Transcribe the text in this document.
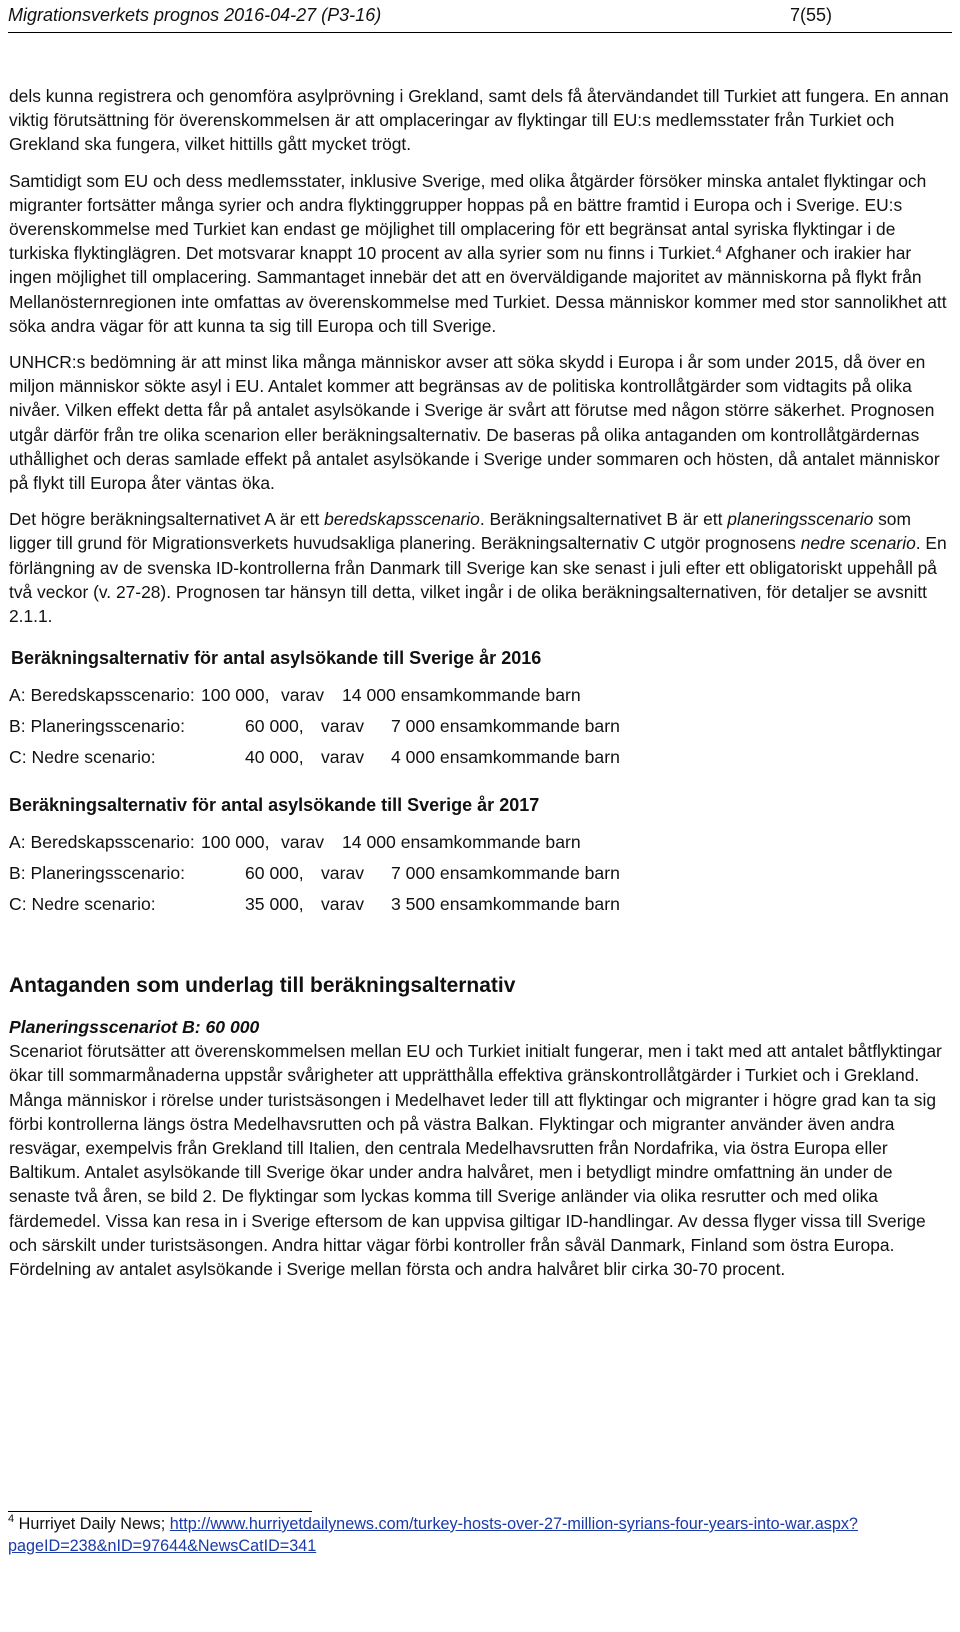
Migrationsverkets prognos 2016-04-27 (P3-16)	7(55)

dels kunna registrera och genomföra asylprövning i Grekland, samt dels få återvändandet till Turkiet att fungera. En annan viktig förutsättning för överenskommelsen är att omplaceringar av flyktingar till EU:s medlemsstater från Turkiet och Grekland ska fungera, vilket hittills gått mycket trögt.

Samtidigt som EU och dess medlemsstater, inklusive Sverige, med olika åtgärder försöker minska antalet flyktingar och migranter fortsätter många syrier och andra flyktinggrupper hoppas på en bättre framtid i Europa och i Sverige. EU:s överenskommelse med Turkiet kan endast ge möjlighet till omplacering för ett begränsat antal syriska flyktingar i de turkiska flyktinglägren. Det motsvarar knappt 10 procent av alla syrier som nu finns i Turkiet.$^4$ Afghaner och irakier har ingen möjlighet till omplacering. Sammantaget innebär det att en överväldigande majoritet av människorna på flykt från Mellanösternregionen inte omfattas av överenskommelse med Turkiet. Dessa människor kommer med stor sannolikhet att söka andra vägar för att kunna ta sig till Europa och till Sverige.

UNHCR:s bedömning är att minst lika många människor avser att söka skydd i Europa i år som under 2015, då över en miljon människor sökte asyl i EU. Antalet kommer att begränsas av de politiska kontrollåtgärder som vidtagits på olika nivåer. Vilken effekt detta får på antalet asylsökande i Sverige är svårt att förutse med någon större säkerhet. Prognosen utgår därför från tre olika scenarion eller beräkningsalternativ. De baseras på olika antaganden om kontrollåtgärdernas uthållighet och deras samlade effekt på antalet asylsökande i Sverige under sommaren och hösten, då antalet människor på flykt till Europa åter väntas öka.

Det högre beräkningsalternativet A är ett beredskapsscenario. Beräkningsalternativet B är ett planeringsscenario som ligger till grund för Migrationsverkets huvudsakliga planering. Beräkningsalternativ C utgör prognosens nedre scenario. En förlängning av de svenska ID-kontrollerna från Danmark till Sverige kan ske senast i juli efter ett obligatoriskt uppehåll på två veckor (v. 27-28). Prognosen tar hänsyn till detta, vilket ingår i de olika beräkningsalternativen, för detaljer se avsnitt 2.1.1.

Beräkningsalternativ för antal asylsökande till Sverige år 2016
A: Beredskapsscenario: 100 000, varav 14 000 ensamkommande barn
B: Planeringsscenario:	60 000, varav 7 000 ensamkommande barn
C: Nedre scenario:	40 000, varav 4 000 ensamkommande barn
Beräkningsalternativ för antal asylsökande till Sverige år 2017
A: Beredskapsscenario: 100 000, varav 14 000 ensamkommande barn
B: Planeringsscenario:	60 000, varav 7 000 ensamkommande barn
C: Nedre scenario:	35 000, varav 3 500 ensamkommande barn
Antaganden som underlag till beräkningsalternativ
Planeringsscenariot B: 60 000

Scenariot förutsätter att överenskommelsen mellan EU och Turkiet initialt fungerar, men i takt med att antalet båtflyktingar ökar till sommarmånaderna uppstår svårigheter att upprätthålla effektiva gränskontrollåtgärder i Turkiet och i Grekland. Många människor i rörelse under turistsäsongen i Medelhavet leder till att flyktingar och migranter i högre grad kan ta sig förbi kontrollerna längs östra Medelhavsrutten och på västra Balkan. Flyktingar och migranter använder även andra resvägar, exempelvis från Grekland till Italien, den centrala Medelhavsrutten från Nordafrika, via östra Europa eller Baltikum. Antalet asylsökande till Sverige ökar under andra halvåret, men i betydligt mindre omfattning än under de senaste två åren, se bild 2. De flyktingar som lyckas komma till Sverige anländer via olika resrutter och med olika färdemedel. Vissa kan resa in i Sverige eftersom de kan uppvisa giltigar ID-handlingar. Av dessa flyger vissa till Sverige och särskilt under turistsäsongen. Andra hittar vägar förbi kontroller från såväl Danmark, Finland som östra Europa. Fördelning av antalet asylsökande i Sverige mellan första och andra halvåret blir cirka 30-70 procent.

$^4$ Hurriyet Daily News; http://www.hurriyetdailynews.com/turkey-hosts-over-27-million-syrians-four-years-into-war.aspx?pageID=238&nID=97644&NewsCatID=341
